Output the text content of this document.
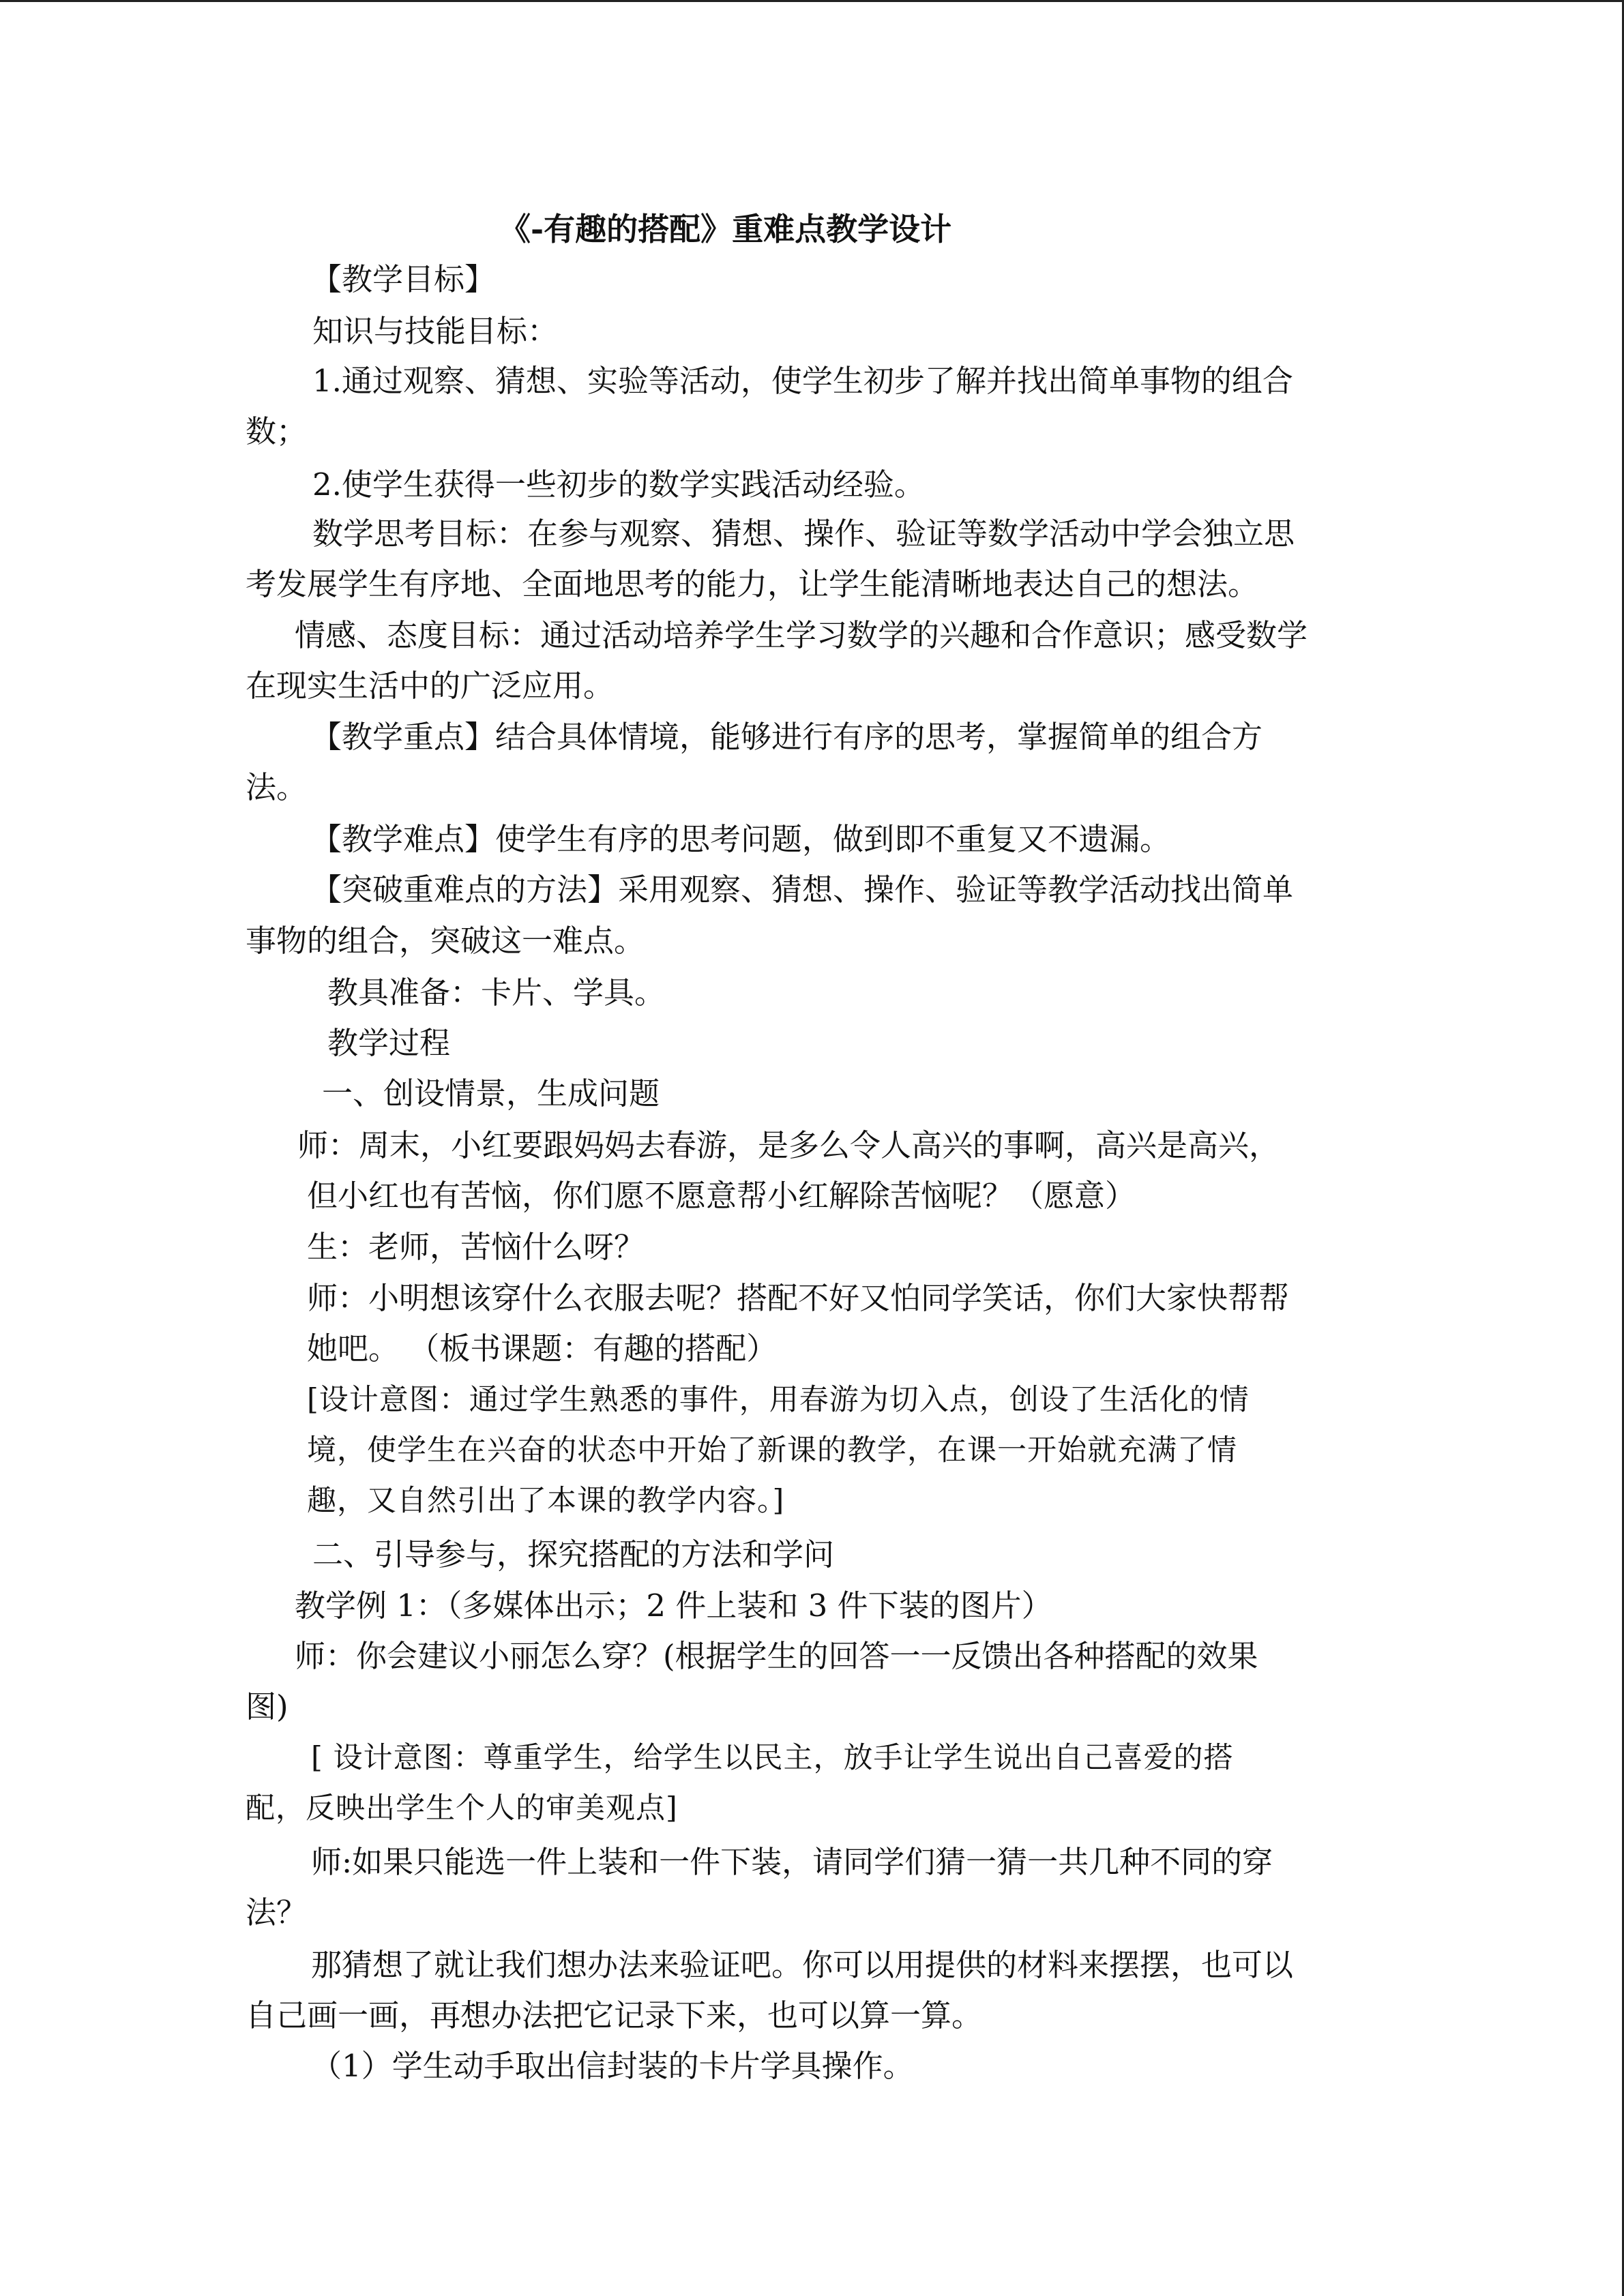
《-有趣的搭配》重难点教学设计
【教学目标】
知识与技能目标：
1.通过观察、猜想、实验等活动，使学生初步了解并找出简单事物的组合
数；
2.使学生获得一些初步的数学实践活动经验。
数学思考目标：在参与观察、猜想、操作、验证等数学活动中学会独立思
考发展学生有序地、全面地思考的能力，让学生能清晰地表达自己的想法。
情感、态度目标：通过活动培养学生学习数学的兴趣和合作意识；感受数学
在现实生活中的广泛应用。
【教学重点】结合具体情境，能够进行有序的思考，掌握简单的组合方
法。
【教学难点】使学生有序的思考问题，做到即不重复又不遗漏。
【突破重难点的方法】采用观察、猜想、操作、验证等教学活动找出简单
事物的组合，突破这一难点。
教具准备：卡片、学具。
教学过程
一、创设情景，生成问题
师：周末，小红要跟妈妈去春游，是多么令人高兴的事啊，高兴是高兴，
但小红也有苦恼，你们愿不愿意帮小红解除苦恼呢？（愿意）
生：老师，苦恼什么呀？
师：小明想该穿什么衣服去呢？搭配不好又怕同学笑话，你们大家快帮帮
她吧。 （板书课题：有趣的搭配）
[设计意图：通过学生熟悉的事件，用春游为切入点，创设了生活化的情
境，使学生在兴奋的状态中开始了新课的教学，在课一开始就充满了情
趣，又自然引出了本课的教学内容。]
二、引导参与，探究搭配的方法和学问
教学例 1：（多媒体出示；2 件上装和 3 件下装的图片）
师：你会建议小丽怎么穿？(根据学生的回答一一反馈出各种搭配的效果
图)
[ 设计意图：尊重学生，给学生以民主，放手让学生说出自己喜爱的搭
配，反映出学生个人的审美观点]
师:如果只能选一件上装和一件下装，请同学们猜一猜一共几种不同的穿
法？
那猜想了就让我们想办法来验证吧。你可以用提供的材料来摆摆，也可以
自己画一画，再想办法把它记录下来，也可以算一算。
（1）学生动手取出信封装的卡片学具操作。
